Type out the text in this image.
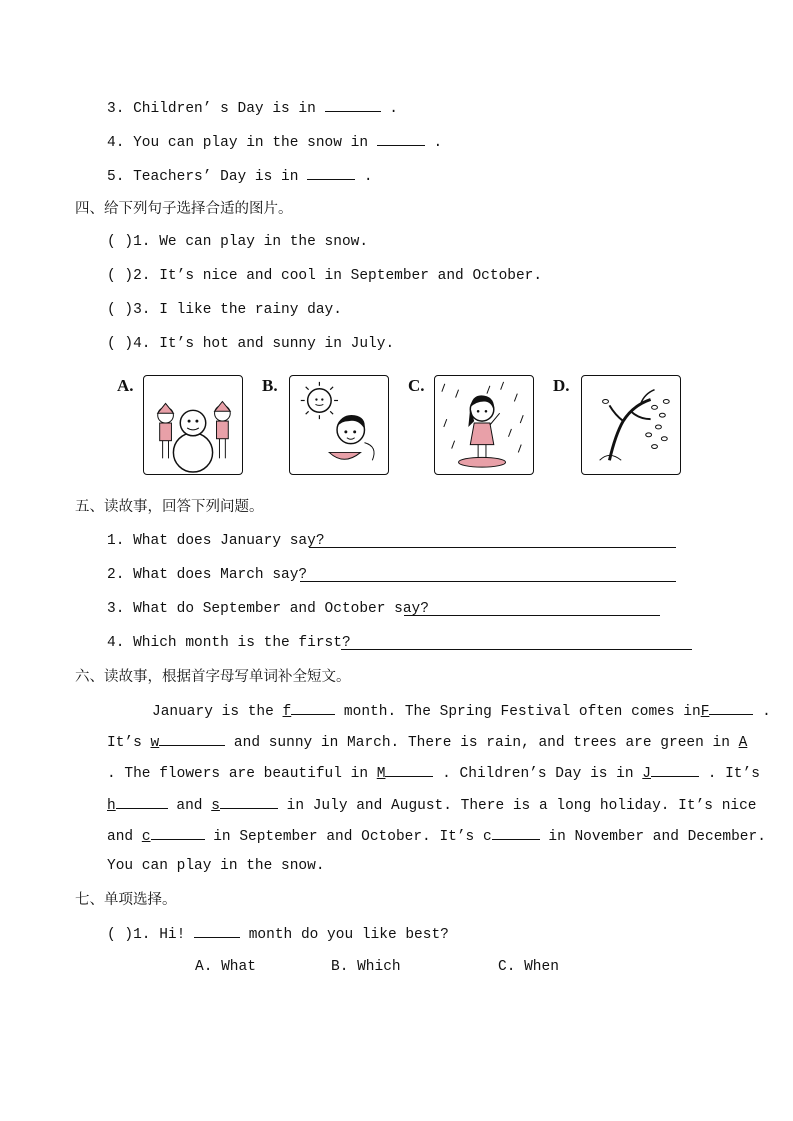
3. Children’ s Day is in	.
4. You can play in the snow in	.
5. Teachers’ Day is in	.
四、给下列句子选择合适的图片。
( )1. We can play in the snow.
( )2. It’s nice and cool in September and October.
( )3. I like the rainy day.
( )4. It’s hot and sunny in July.
A.	B.	C.	D.
五、读故事，回答下列问题。
1. What does January say?
2. What does March say?
3. What do September and October say?
4. Which month is the first?
六、读故事，根据首字母写单词补全短文。
January is the f	month. The Spring Festival often comes inF	.
It’s w	and sunny in March. There is rain, and trees are green in A
. The flowers are beautiful in M	. Children’s Day is in J	. It’s
h	and s	in July and August. There is a long holiday. It’s nice
and c	in September and October. It’s c	in November and December.
You can play in the snow.
七、单项选择。
( )1. Hi!	month do you like best?
A. What	B. Which	C. When
